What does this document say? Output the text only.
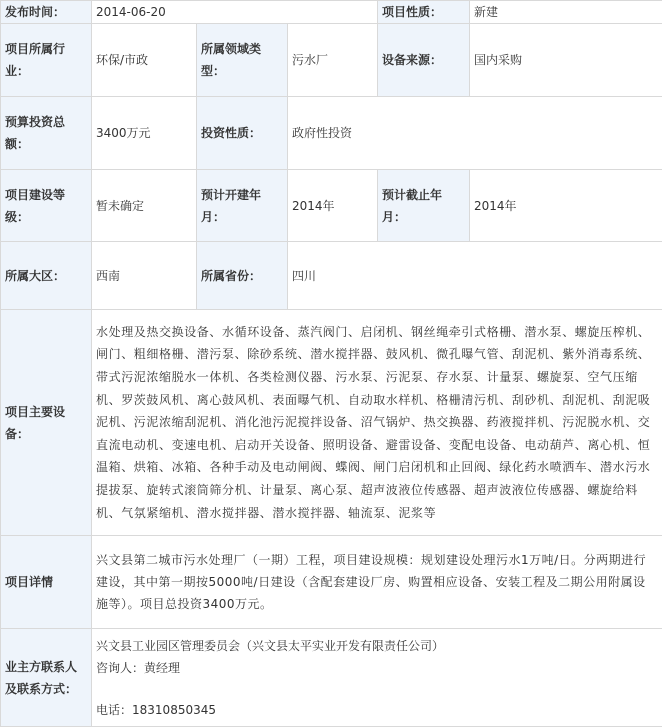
发布时间：	2014-06-20			项目性质：	新建
项目所属行业：	环保/市政	所属领域类型：	污水厂	设备来源：	国内采购
预算投资总额：	3400万元	投资性质：	政府性投资		
项目建设等级：	暂未确定	预计开建年月：	2014年	预计截止年月：	2014年
所属大区：	西南	所属省份：	四川		
项目主要设备：	水处理及热交换设备、水循环设备、蒸汽阀门、启闭机、钢丝绳牵引式格栅、潜水泵、螺旋压榨机、闸门、粗细格栅、潜污泵、除砂系统、潜水搅拌器、鼓风机、微孔曝气管、刮泥机、紫外消毒系统、带式污泥浓缩脱水一体机、各类检测仪器、污水泵、污泥泵、存水泵、计量泵、螺旋泵、空气压缩机、罗茨鼓风机、离心鼓风机、表面曝气机、自动取水样机、格栅清污机、刮砂机、刮泥机、刮泥吸泥机、污泥浓缩刮泥机、消化池污泥搅拌设备、沼气锅炉、热交换器、药液搅拌机、污泥脱水机、交直流电动机、变速电机、启动开关设备、照明设备、避雷设备、变配电设备、电动葫芦、离心机、恒温箱、烘箱、冰箱、各种手动及电动闸阀、蝶阀、闸门启闭机和止回阀、绿化药水喷洒车、潜水污水提拔泵、旋转式滚筒筛分机、计量泵、离心泵、超声波液位传感器、超声波液位传感器、螺旋给料机、气氛紧缩机、潜水搅拌器、潜水搅拌器、轴流泵、泥浆等				
项目详情	兴文县第二城市污水处理厂（一期）工程，项目建设规模：规划建设处理污水1万吨/日。分两期进行建设，其中第一期按5000吨/日建设（含配套建设厂房、购置相应设备、安装工程及二期公用附属设施等）。项目总投资3400万元。				
业主方联系人及联系方式：	兴文县工业园区管理委员会（兴文县太平实业开发有限责任公司）
咨询人：黄经理
电话：18310850345				
